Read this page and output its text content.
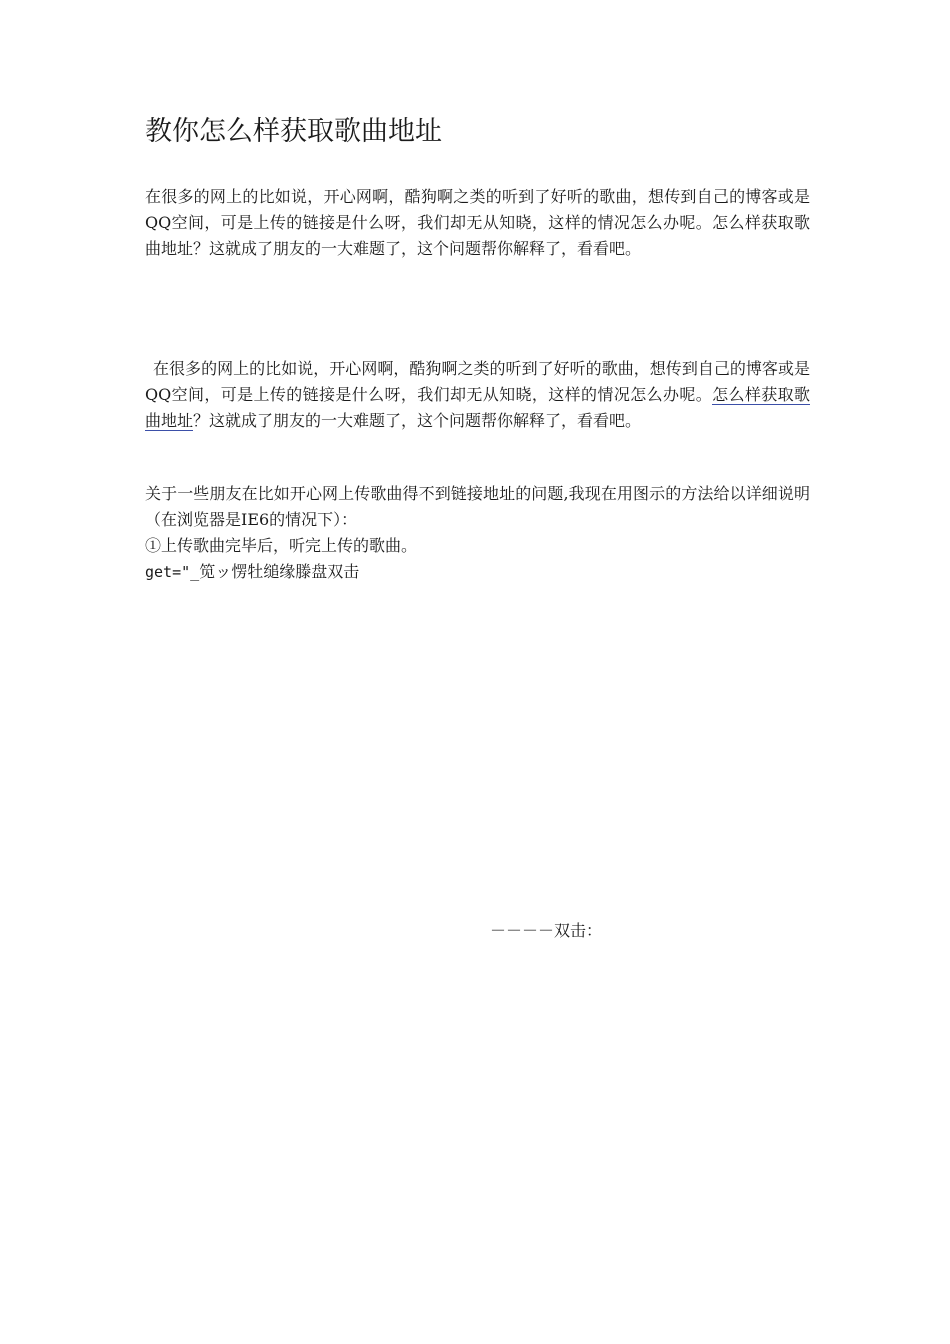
教你怎么样获取歌曲地址

在很多的网上的比如说，开心网啊，酷狗啊之类的听到了好听的歌曲，想传到自己的博客或是QQ空间，可是上传的链接是什么呀，我们却无从知晓，这样的情况怎么办呢。怎么样获取歌曲地址？这就成了朋友的一大难题了，这个问题帮你解释了，看看吧。

在很多的网上的比如说，开心网啊，酷狗啊之类的听到了好听的歌曲，想传到自己的博客或是QQ空间，可是上传的链接是什么呀，我们却无从知晓，这样的情况怎么办呢。怎么样获取歌曲地址？这就成了朋友的一大难题了，这个问题帮你解释了，看看吧。

关于一些朋友在比如开心网上传歌曲得不到链接地址的问题,我现在用图示的方法给以详细说明（在浏览器是IE6的情况下）：

①上传歌曲完毕后，听完上传的歌曲。

get="_笕ッ愣牡缒缘滕盘双击

－－－－双击：
